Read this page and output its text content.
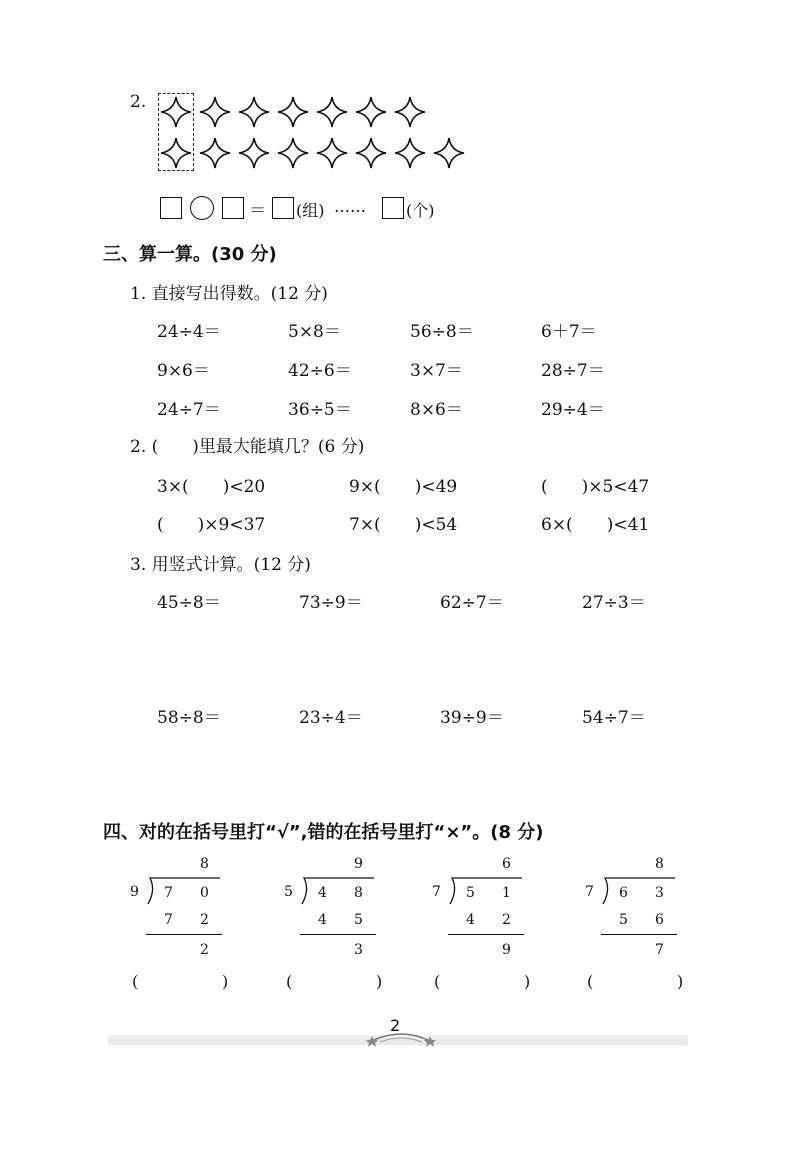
2.
＝ (组) ……	(个)
三、算一算。(30 分)
1. 直接写出得数。(12 分)
24÷4＝	5×8＝	56÷8＝	6＋7＝
9×6＝	42÷6＝	3×7＝	28÷7＝
24÷7＝	36÷5＝	8×6＝	29÷4＝
2. (　　)里最大能填几？(6 分)
3×(　　)<20	9×(　　)<49	(　　)×5<47
(　　)×9<37	7×(　　)<54	6×(　　)<41
3. 用竖式计算。(12 分)
45÷8＝	73÷9＝	62÷7＝	27÷3＝
58÷8＝	23÷4＝	39÷9＝	54÷7＝
四、对的在括号里打“√”,错的在括号里打“×”。(8 分)
8
9 7 0
7 2
2
(	)
9
5 4 8
4 5
3
(	)
6
7 5 1
4 2
9
(	)
8
7 6 3
5 6
7
(	)
2
